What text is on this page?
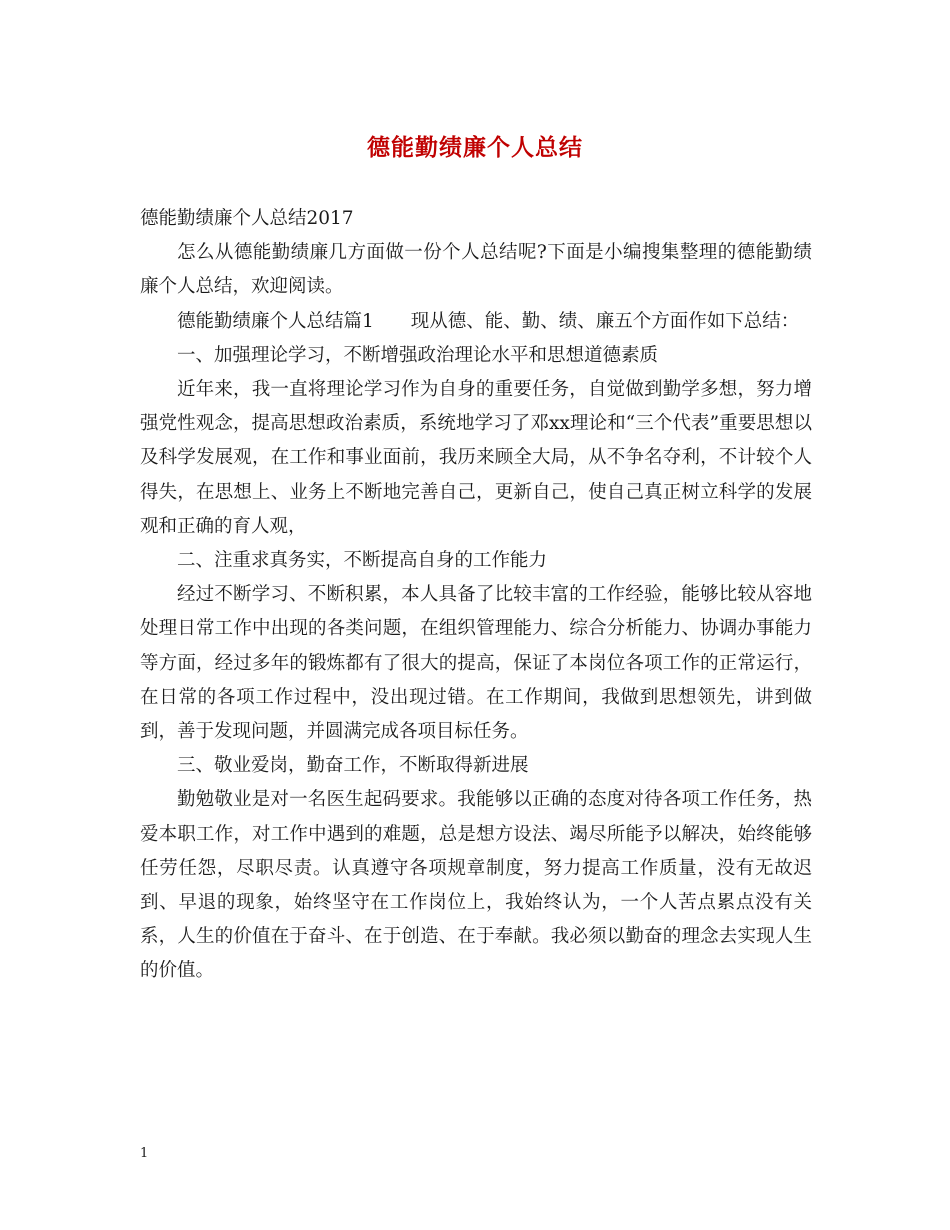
德能勤绩廉个人总结

德能勤绩廉个人总结2017

怎么从德能勤绩廉几方面做一份个人总结呢?下面是小编搜集整理的德能勤绩廉个人总结，欢迎阅读。

德能勤绩廉个人总结篇1　　现从德、能、勤、绩、廉五个方面作如下总结：

一、加强理论学习，不断增强政治理论水平和思想道德素质

近年来，我一直将理论学习作为自身的重要任务，自觉做到勤学多想，努力增强党性观念，提高思想政治素质，系统地学习了邓xx理论和“三个代表”重要思想以及科学发展观，在工作和事业面前，我历来顾全大局，从不争名夺利，不计较个人得失，在思想上、业务上不断地完善自己，更新自己，使自己真正树立科学的发展观和正确的育人观，

二、注重求真务实，不断提高自身的工作能力

经过不断学习、不断积累，本人具备了比较丰富的工作经验，能够比较从容地处理日常工作中出现的各类问题，在组织管理能力、综合分析能力、协调办事能力等方面，经过多年的锻炼都有了很大的提高，保证了本岗位各项工作的正常运行，在日常的各项工作过程中，没出现过错。在工作期间，我做到思想领先，讲到做到，善于发现问题，并圆满完成各项目标任务。

三、敬业爱岗，勤奋工作，不断取得新进展

勤勉敬业是对一名医生起码要求。我能够以正确的态度对待各项工作任务，热爱本职工作，对工作中遇到的难题，总是想方设法、竭尽所能予以解决，始终能够任劳任怨，尽职尽责。认真遵守各项规章制度，努力提高工作质量，没有无故迟到、早退的现象，始终坚守在工作岗位上，我始终认为，一个人苦点累点没有关系，人生的价值在于奋斗、在于创造、在于奉献。我必须以勤奋的理念去实现人生的价值。

1
